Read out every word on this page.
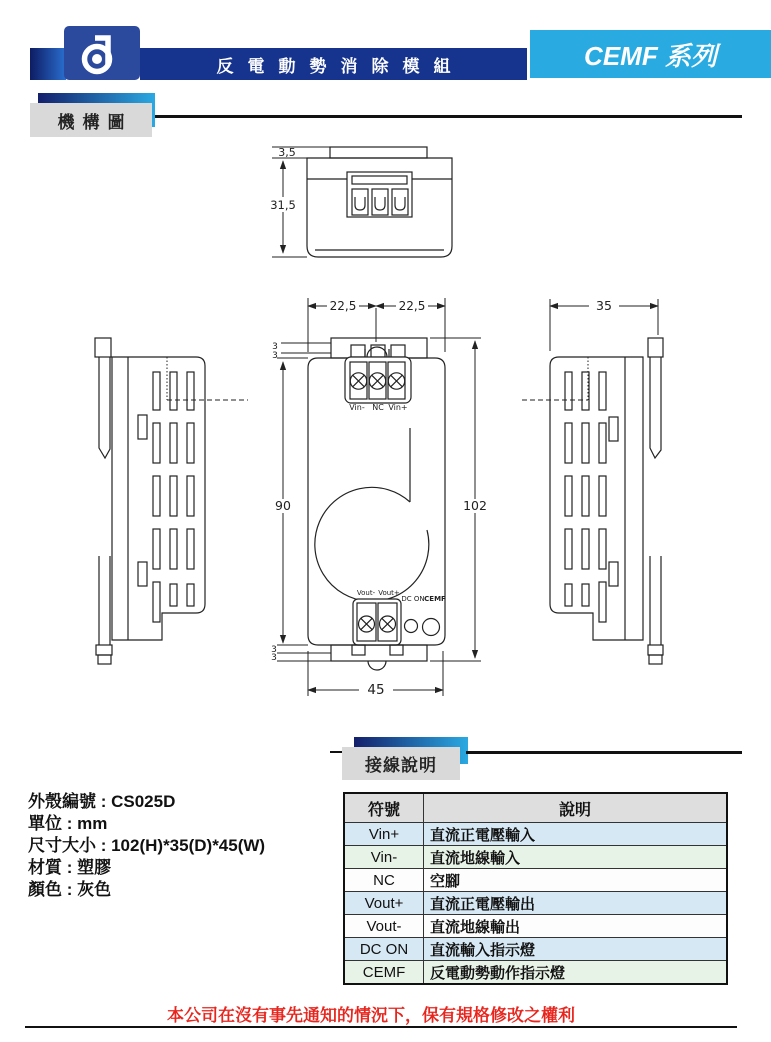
反電動勢消除模組	CEMF 系列
機構圖
3,5
31,5
35
22,5	22,5
Vin- NC Vin+
Vout- Vout+
DC ON CEMF
3
3
3
3
90	102
45
接線說明
外殼編號 : CS025D
單位 : mm
尺寸大小 : 102(H)*35(D)*45(W)
材質 : 塑膠
顏色 : 灰色
符號	說明
Vin+	直流正電壓輸入
Vin-	直流地線輸入
NC	空腳
Vout+	直流正電壓輸出
Vout-	直流地線輸出
DC ON	直流輸入指示燈
CEMF	反電動勢動作指示燈
本公司在沒有事先通知的情況下，保有規格修改之權利
